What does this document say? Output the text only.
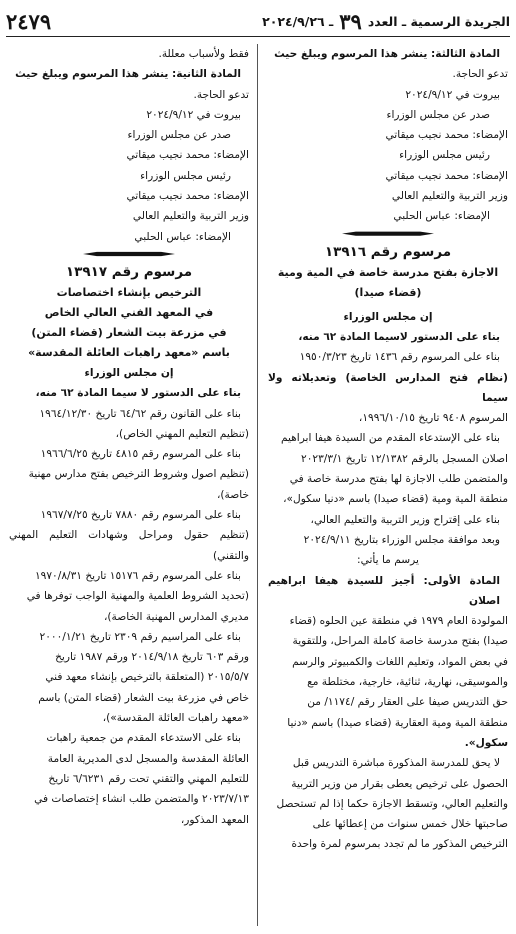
الجريدة الرسمية ـ العدد
٣٩
ـ ٢٠٢٤/٩/٢٦
٢٤٧٩

المادة الثالثة: ينشر هذا المرسوم ويبلغ حيث

تدعو الحاجة.

بيروت في ٢٠٢٤/٩/١٢

صدر عن مجلس الوزراء

الإمضاء: محمد نجيب ميقاتي

رئيس مجلس الوزراء

الإمضاء: محمد نجيب ميقاتي

وزير التربية والتعليم العالي

الإمضاء: عباس الحلبي

مرسوم رقم ١٣٩١٦
الاجازة بفتح مدرسة خاصة في المية ومية
(قضاء صيدا)

إن مجلس الوزراء

بناء على الدستور لاسيما المادة ٦٢ منه،

بناء على المرسوم رقم ١٤٣٦ تاريخ ١٩٥٠/٣/٢٣

(نظام فتح المدارس الخاصة) وتعديلاته ولا سيما

المرسوم ٩٤٠٨ تاريخ ١٩٩٦/١٠/١٥،

بناء على الإستدعاء المقدم من السيدة هيفا ابراهيم

اصلان المسجل بالرقم ١٢/١٣٨٢ تاريخ ٢٠٢٣/٣/١

والمتضمن طلب الاجازة لها بفتح مدرسة خاصة في

منطقة المية ومية (قضاء صيدا) باسم «دنيا سكول»،

بناء على إقتراح وزير التربية والتعليم العالي،

وبعد موافقة مجلس الوزراء بتاريخ ٢٠٢٤/٩/١١

يرسم ما يأتي:

المادة الأولى: أجيز للسيدة هيفا ابراهيم اصلان

المولودة العام ١٩٧٩ في منطقة عين الحلوه (قضاء

صيدا) بفتح مدرسة خاصة كاملة المراحل، وللتقوية

في بعض المواد، وتعليم اللغات والكمبيوتر والرسم

والموسيقى، نهارية، ثنائية، خارجية، مختلطة مع

حق التدريس صيفا على العقار رقم /١١٧٤/ من

منطقة المية ومية العقارية (قضاء صيدا) باسم «دنيا

سكول».

لا يحق للمدرسة المذكورة مباشرة التدريس قبل

الحصول على ترخيص يعطى بقرار من وزير التربية

والتعليم العالي، وتسقط الاجازة حكما إذا لم تستحصل

صاحبتها خلال خمس سنوات من إعطائها على

الترخيص المذكور ما لم تجدد بمرسوم لمرة واحدة

فقط ولأسباب معللة.

المادة الثانية: ينشر هذا المرسوم ويبلغ حيث

تدعو الحاجة.

بيروت في ٢٠٢٤/٩/١٢

صدر عن مجلس الوزراء

الإمضاء: محمد نجيب ميقاتي

رئيس مجلس الوزراء

الإمضاء: محمد نجيب ميقاتي

وزير التربية والتعليم العالي

الإمضاء: عباس الحلبي

مرسوم رقم ١٣٩١٧
الترخيص بإنشاء اختصاصات
في المعهد الفني العالي الخاص
في مزرعة بيت الشعار (قضاء المتن)
باسم «معهد راهبات العائلة المقدسة»

إن مجلس الوزراء

بناء على الدستور لا سيما المادة ٦٢ منه،

بناء على القانون رقم ٦٤/٦٢ تاريخ ١٩٦٤/١٢/٣٠

(تنظيم التعليم المهني الخاص)،

بناء على المرسوم رقم ٤٨١٥ تاريخ ١٩٦٦/٦/٢٥

(تنظيم اصول وشروط الترخيص بفتح مدارس مهنية

خاصة)،

بناء على المرسوم رقم ٧٨٨٠ تاريخ ١٩٦٧/٧/٢٥

(تنظيم حقول ومراحل وشهادات التعليم المهني والتقني)

بناء على المرسوم رقم ١٥١٧٦ تاريخ ١٩٧٠/٨/٣١

(تحديد الشروط العلمية والمهنية الواجب توفرها في

مديري المدارس المهنية الخاصة)،

بناء على المراسيم رقم ٢٣٠٩ تاريخ ٢٠٠٠/١/٢١

ورقم ٦٠٣ تاريخ ٢٠١٤/٩/١٨ ورقم ١٩٨٧ تاريخ

٢٠١٥/٥/٧ (المتعلقة بالترخيص بإنشاء معهد فني

خاص في مزرعة بيت الشعار (قضاء المتن) باسم

«معهد راهبات العائلة المقدسة»)،

بناء على الاستدعاء المقدم من جمعية راهبات

العائلة المقدسة والمسجل لدى المديرية العامة

للتعليم المهني والتقني تحت رقم ٦/٦٢٣١ تاريخ

٢٠٢٣/٧/١٣ والمتضمن طلب انشاء إختصاصات في

المعهد المذكور،
